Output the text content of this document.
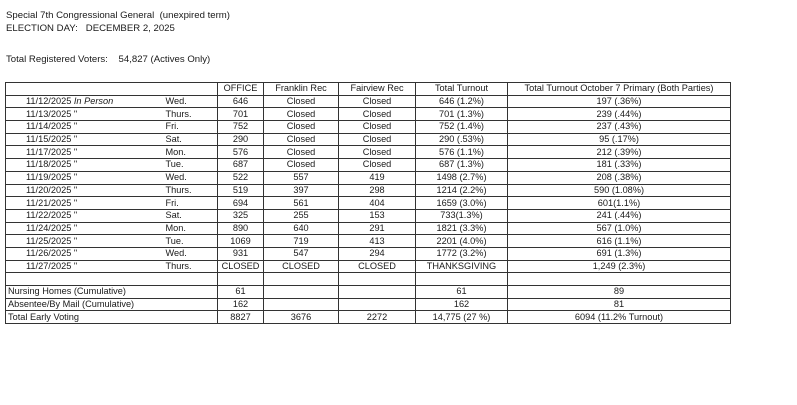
Special 7th Congressional General  (unexpired term)
ELECTION DAY:   DECEMBER 2, 2025
Total Registered Voters: 54,827 (Actives Only)
		OFFICE	Franklin Rec	Fairview Rec	Total Turnout	Total Turnout October 7 Primary (Both Parties)
11/12/2025 In Person	Wed.	646	Closed	Closed	646 (1.2%)	197 (.36%)
11/13/2025 "	Thurs.	701	Closed	Closed	701 (1.3%)	239 (.44%)
11/14/2025 "	Fri.	752	Closed	Closed	752 (1.4%)	237 (.43%)
11/15/2025 "	Sat.	290	Closed	Closed	290 (.53%)	95 (.17%)
11/17/2025 "	Mon.	576	Closed	Closed	576 (1.1%)	212 (.39%)
11/18/2025 "	Tue.	687	Closed	Closed	687 (1.3%)	181 (.33%)
11/19/2025 "	Wed.	522	557	419	1498 (2.7%)	208 (.38%)
11/20/2025 "	Thurs.	519	397	298	1214 (2.2%)	590 (1.08%)
11/21/2025 "	Fri.	694	561	404	1659 (3.0%)	601(1.1%)
11/22/2025 "	Sat.	325	255	153	733(1.3%)	241 (.44%)
11/24/2025 "	Mon.	890	640	291	1821 (3.3%)	567 (1.0%)
11/25/2025 "	Tue.	1069	719	413	2201 (4.0%)	616 (1.1%)
11/26/2025 "	Wed.	931	547	294	1772 (3.2%)	691 (1.3%)
11/27/2025 "	Thurs.	CLOSED	CLOSED	CLOSED	THANKSGIVING	1,249 (2.3%)

Nursing Homes (Cumulative)		61			61	89
Absentee/By Mail (Cumulative)		162			162	81
Total Early Voting		8827	3676	2272	14,775 (27 %)	6094 (11.2% Turnout)
